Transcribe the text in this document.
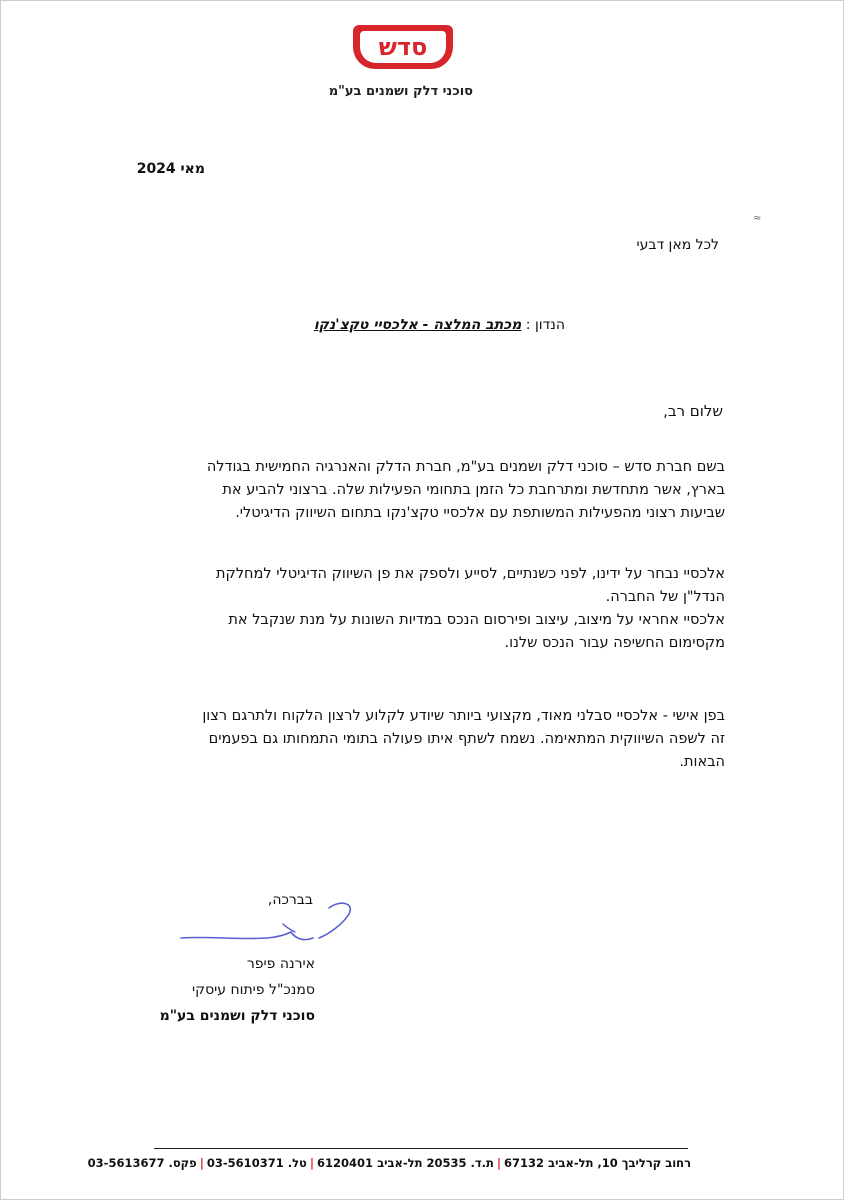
סדש
סוכני דלק ושמנים בע"מ
מאי 2024
≈
לכל מאן דבעי
הנדון : מכתב המלצה - אלכסיי טקצ'נקו
שלום רב,
בשם חברת סדש – סוכני דלק ושמנים בע"מ, חברת הדלק והאנרגיה החמישית בגודלה
בארץ, אשר מתחדשת ומתרחבת כל הזמן בתחומי הפעילות שלה. ברצוני להביע את
שביעות רצוני מהפעילות המשותפת עם אלכסיי טקצ'נקו בתחום השיווק הדיגיטלי.
אלכסיי נבחר על ידינו, לפני כשנתיים, לסייע ולספק את פן השיווק הדיגיטלי למחלקת
הנדל"ן של החברה.
אלכסיי אחראי על מיצוב, עיצוב ופירסום הנכס במדיות השונות על מנת שנקבל את
מקסימום החשיפה עבור הנכס שלנו.
בפן אישי - אלכסיי סבלני מאוד, מקצועי ביותר שיודע לקלוע לרצון הלקוח ולתרגם רצון
זה לשפה השיווקית המתאימה. נשמח לשתף איתו פעולה בתומי התמחותו גם בפעמים
הבאות.
בברכה,
אירנה פיפר
סמנכ"ל פיתוח עיסקי
סוכני דלק ושמנים בע"מ
רחוב קרליבך 10, תל-אביב 67132|ת.ד. 20535 תל-אביב 6120401|טל. 03-5610371|פקס. 03-5613677
